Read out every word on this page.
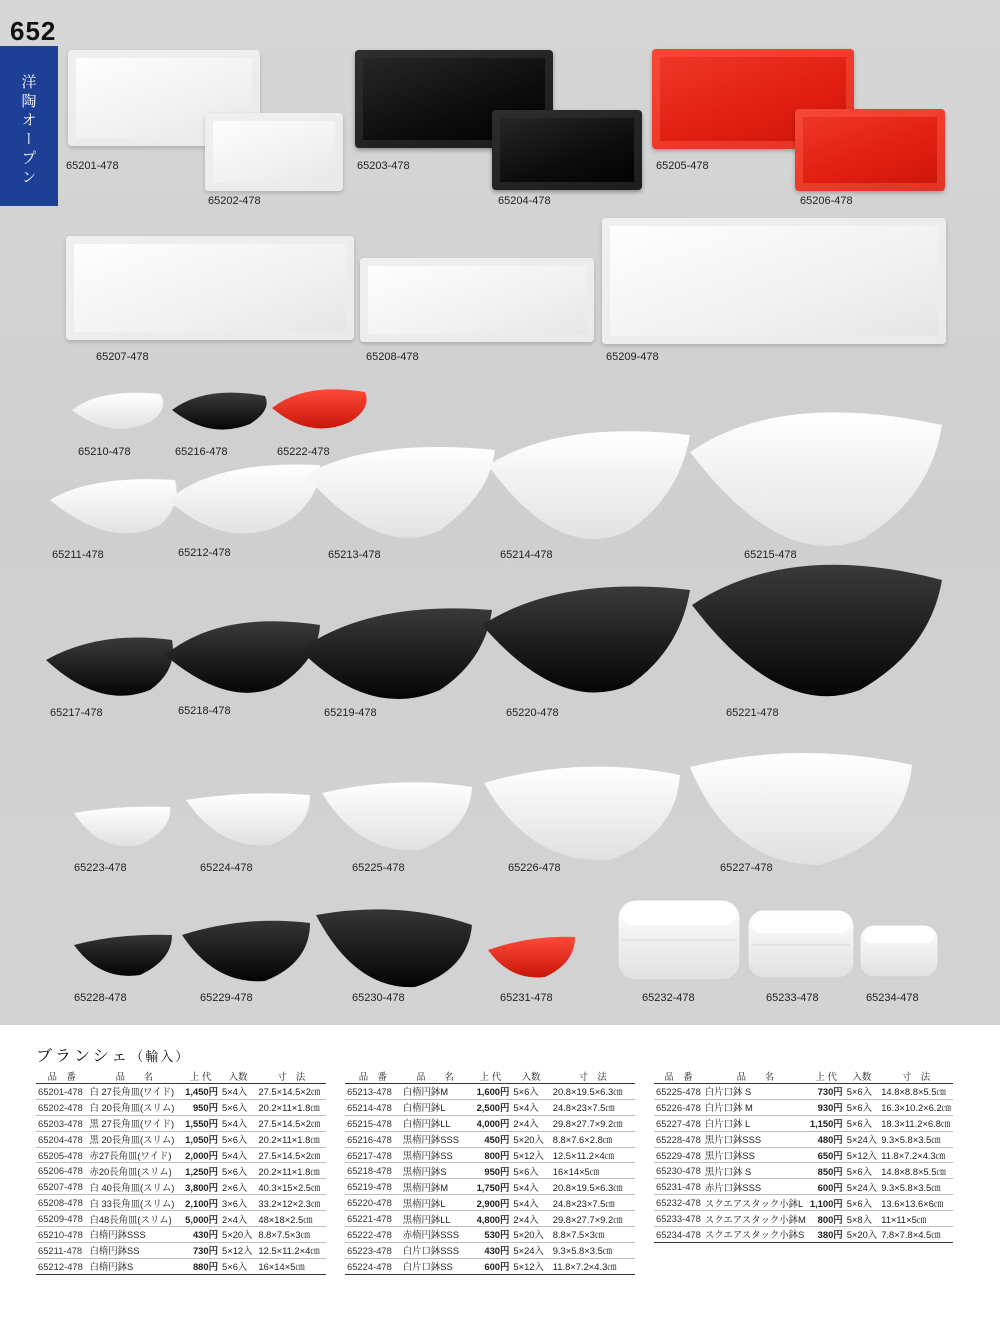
652
洋陶オープン	65201-478
65202-478
65203-478
65204-478
65205-478
65206-478
65207-478	65208-478	65209-478
65210-478	65216-478	65222-478
65211-478	65212-478	65213-478	65214-478	65215-478
65217-478	65218-478	65219-478	65220-478	65221-478
65223-478	65224-478	65225-478	65226-478	65227-478
65228-478	65229-478	65230-478	65231-478	65232-478	65233-478	65234-478
ブランシェ（輸入）
品　番	品　　名	上 代	入数	寸　法
65201-478	白 27長角皿(ワイド)	1,450円	5×4入	27.5×14.5×2㎝
65202-478	白 20長角皿(スリム)	950円	5×6入	20.2×11×1.8㎝
65203-478	黒 27長角皿(ワイド)	1,550円	5×4入	27.5×14.5×2㎝
65204-478	黒 20長角皿(スリム)	1,050円	5×6入	20.2×11×1.8㎝
65205-478	赤27長角皿(ワイド)	2,000円	5×4入	27.5×14.5×2㎝
65206-478	赤20長角皿(スリム)	1,250円	5×6入	20.2×11×1.8㎝
65207-478	白 40長角皿(スリム)	3,800円	2×6入	40.3×15×2.5㎝
65208-478	白 33長角皿(スリム)	2,100円	3×6入	33.2×12×2.3㎝
65209-478	白48長角皿(スリム)	5,000円	2×4入	48×18×2.5㎝
65210-478	白楕円鉢SSS	430円	5×20入	8.8×7.5×3㎝
65211-478	白楕円鉢SS	730円	5×12入	12.5×11.2×4㎝
65212-478	白楕円鉢S	880円	5×6入	16×14×5㎝
品　番	品　　名	上 代	入数	寸　法
65213-478	白楕円鉢M	1,600円	5×6入	20.8×19.5×6.3㎝
65214-478	白楕円鉢L	2,500円	5×4入	24.8×23×7.5㎝
65215-478	白楕円鉢LL	4,000円	2×4入	29.8×27.7×9.2㎝
65216-478	黒楕円鉢SSS	450円	5×20入	8.8×7.6×2.8㎝
65217-478	黒楕円鉢SS	800円	5×12入	12.5×11.2×4㎝
65218-478	黒楕円鉢S	950円	5×6入	16×14×5㎝
65219-478	黒楕円鉢M	1,750円	5×4入	20.8×19.5×6.3㎝
65220-478	黒楕円鉢L	2,900円	5×4入	24.8×23×7.5㎝
65221-478	黒楕円鉢LL	4,800円	2×4入	29.8×27.7×9.2㎝
65222-478	赤楕円鉢SSS	530円	5×20入	8.8×7.5×3㎝
65223-478	白片口鉢SSS	430円	5×24入	9.3×5.8×3.5㎝
65224-478	白片口鉢SS	600円	5×12入	11.8×7.2×4.3㎝
品　番	品　　名	上 代	入数	寸　法
65225-478	白片口鉢 S	730円	5×6入	14.8×8.8×5.5㎝
65226-478	白片口鉢 M	930円	5×6入	16.3×10.2×6.2㎝
65227-478	白片口鉢 L	1,150円	5×6入	18.3×11.2×6.8㎝
65228-478	黒片口鉢SSS	480円	5×24入	9.3×5.8×3.5㎝
65229-478	黒片口鉢SS	650円	5×12入	11.8×7.2×4.3㎝
65230-478	黒片口鉢 S	850円	5×6入	14.8×8.8×5.5㎝
65231-478	赤片口鉢SSS	600円	5×24入	9.3×5.8×3.5㎝
65232-478	スクエアスタック小鉢L	1,100円	5×6入	13.6×13.6×6㎝
65233-478	スクエアスタック小鉢M	800円	5×8入	11×11×5㎝
65234-478	スクエアスタック小鉢S	380円	5×20入	7.8×7.8×4.5㎝
